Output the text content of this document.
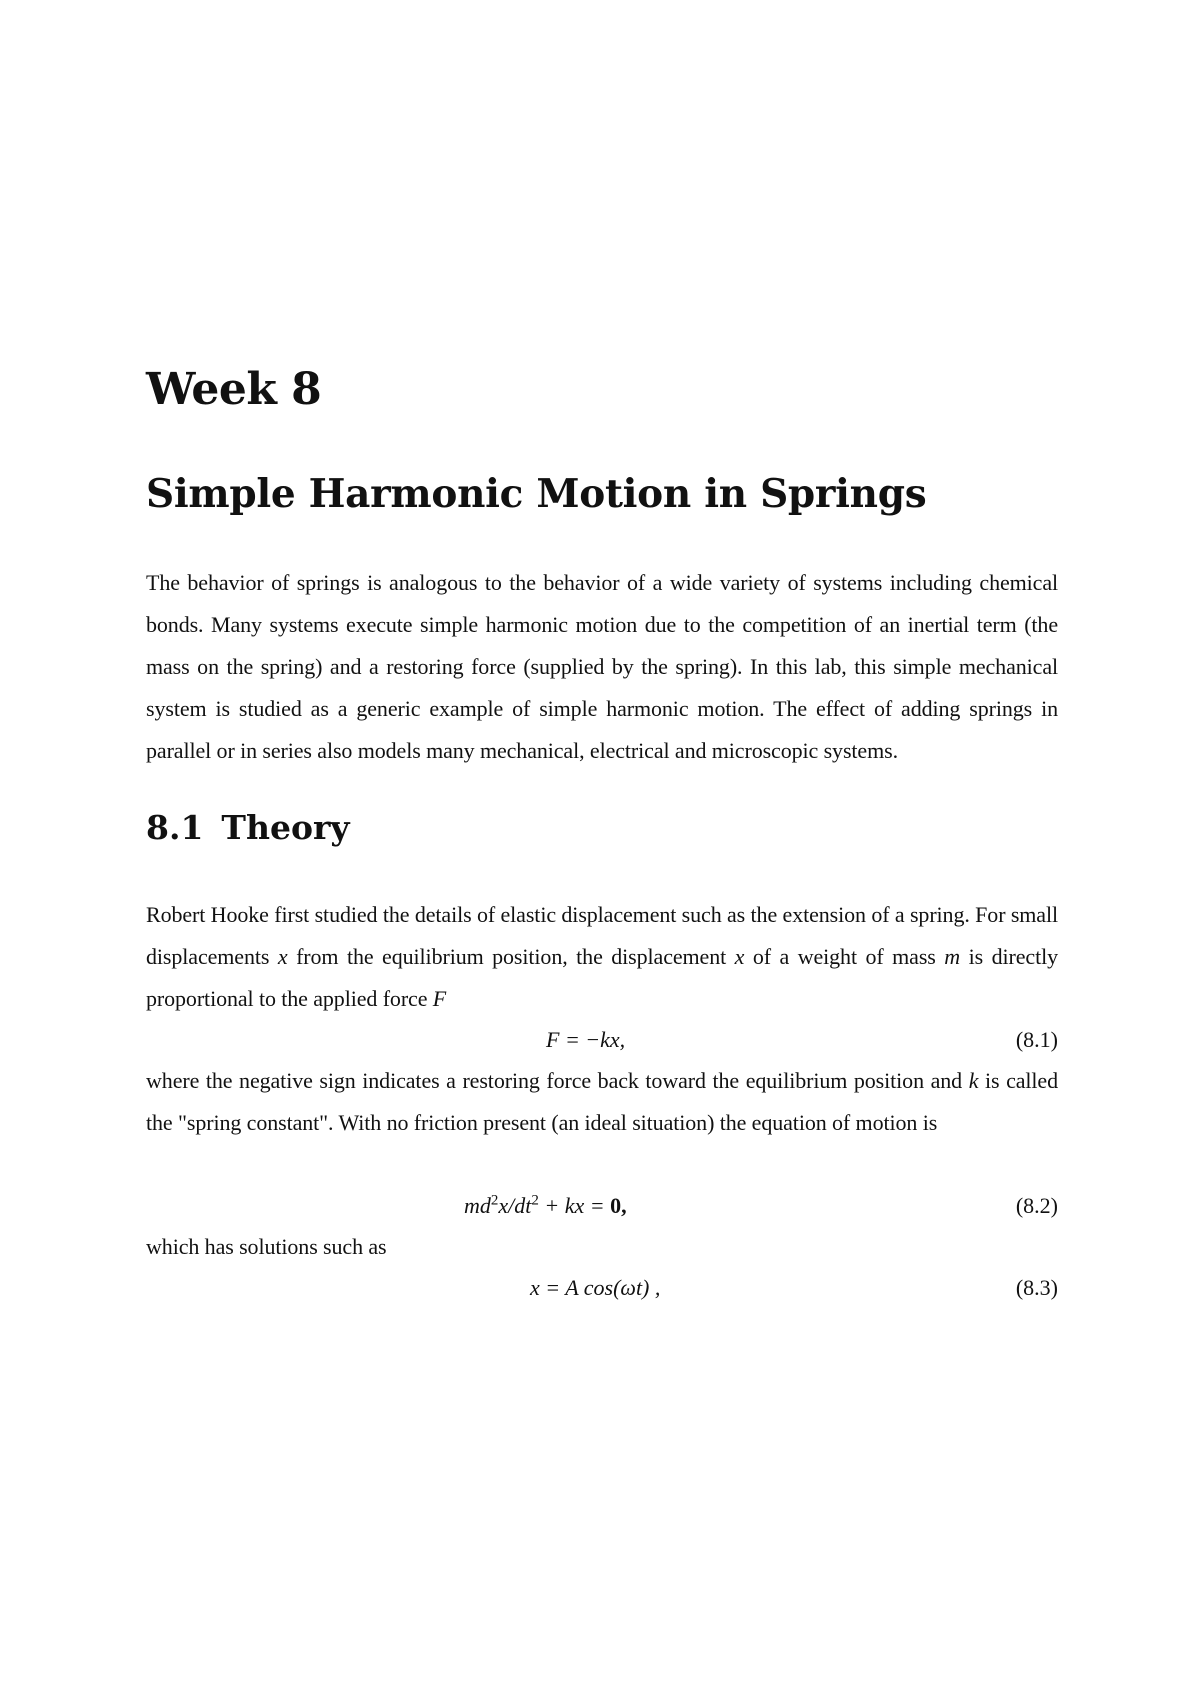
Week 8
Simple Harmonic Motion in Springs

The behavior of springs is analogous to the behavior of a wide variety of systems including chemical bonds. Many systems execute simple harmonic motion due to the competition of an inertial term (the mass on the spring) and a restoring force (supplied by the spring). In this lab, this simple mechanical system is studied as a generic example of simple harmonic motion. The effect of adding springs in parallel or in series also models many mechanical, electrical and microscopic systems.

8.1 Theory

Robert Hooke first studied the details of elastic displacement such as the extension of a spring. For small displacements x from the equilibrium position, the displacement x of a weight of mass m is directly proportional to the applied force F

F = −kx,	(8.1)

where the negative sign indicates a restoring force back toward the equilibrium position and k is called the "spring constant". With no friction present (an ideal situation) the equation of motion is

$md^2x/dt^2$ + kx = 0,	(8.2)

which has solutions such as

x = A cos(ωt) ,	(8.3)
